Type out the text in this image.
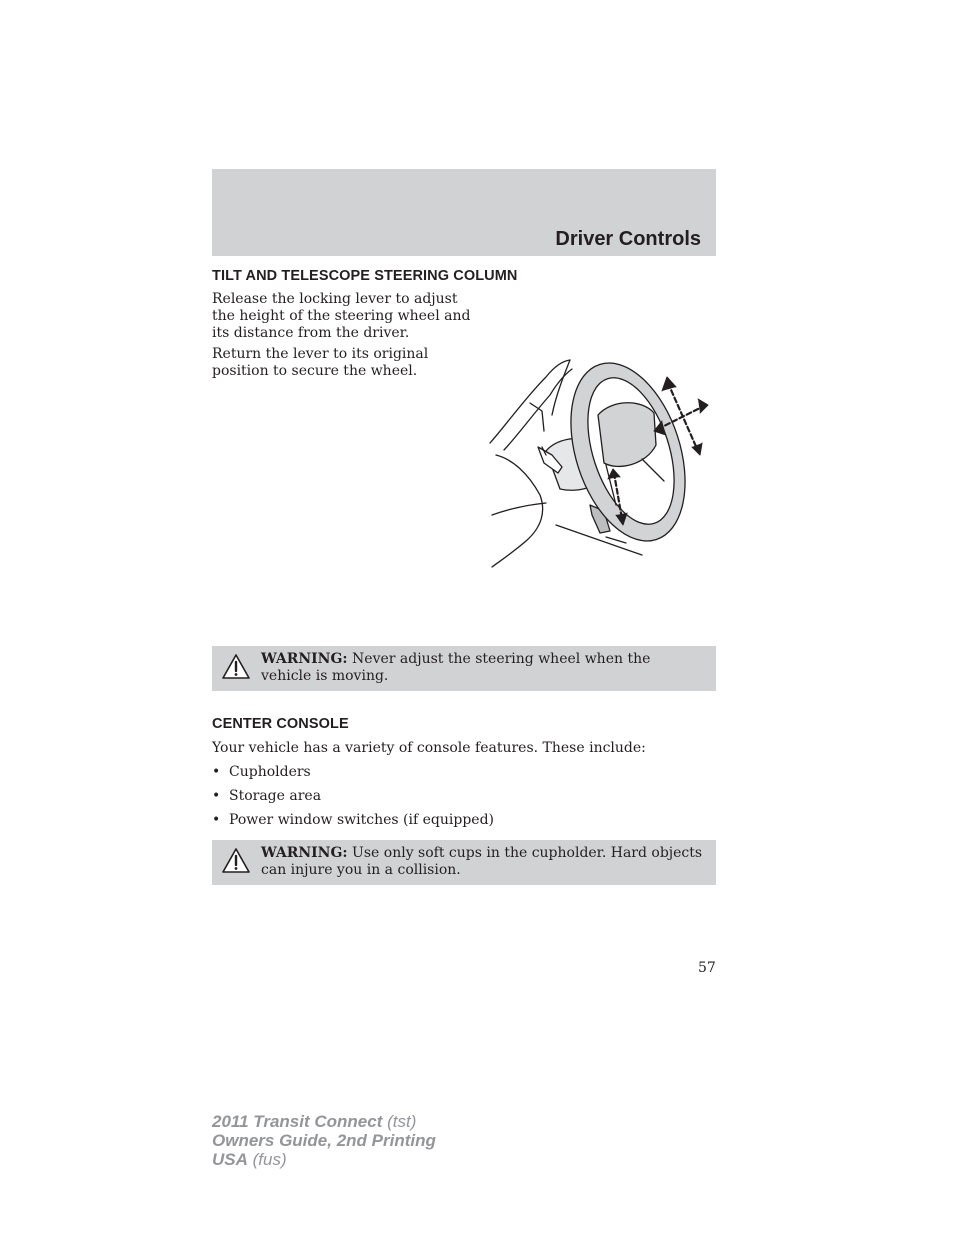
Driver Controls
TILT AND TELESCOPE STEERING COLUMN
Release the locking lever to adjust
the height of the steering wheel and
its distance from the driver.
Return the lever to its original
position to secure the wheel.
WARNING: Never adjust the steering wheel when the vehicle is moving.
CENTER CONSOLE
Your vehicle has a variety of console features. These include:
• Cupholders
• Storage area
• Power window switches (if equipped)
WARNING: Use only soft cups in the cupholder. Hard objects can injure you in a collision.
57
2011 Transit Connect (tst)
Owners Guide, 2nd Printing
USA (fus)
